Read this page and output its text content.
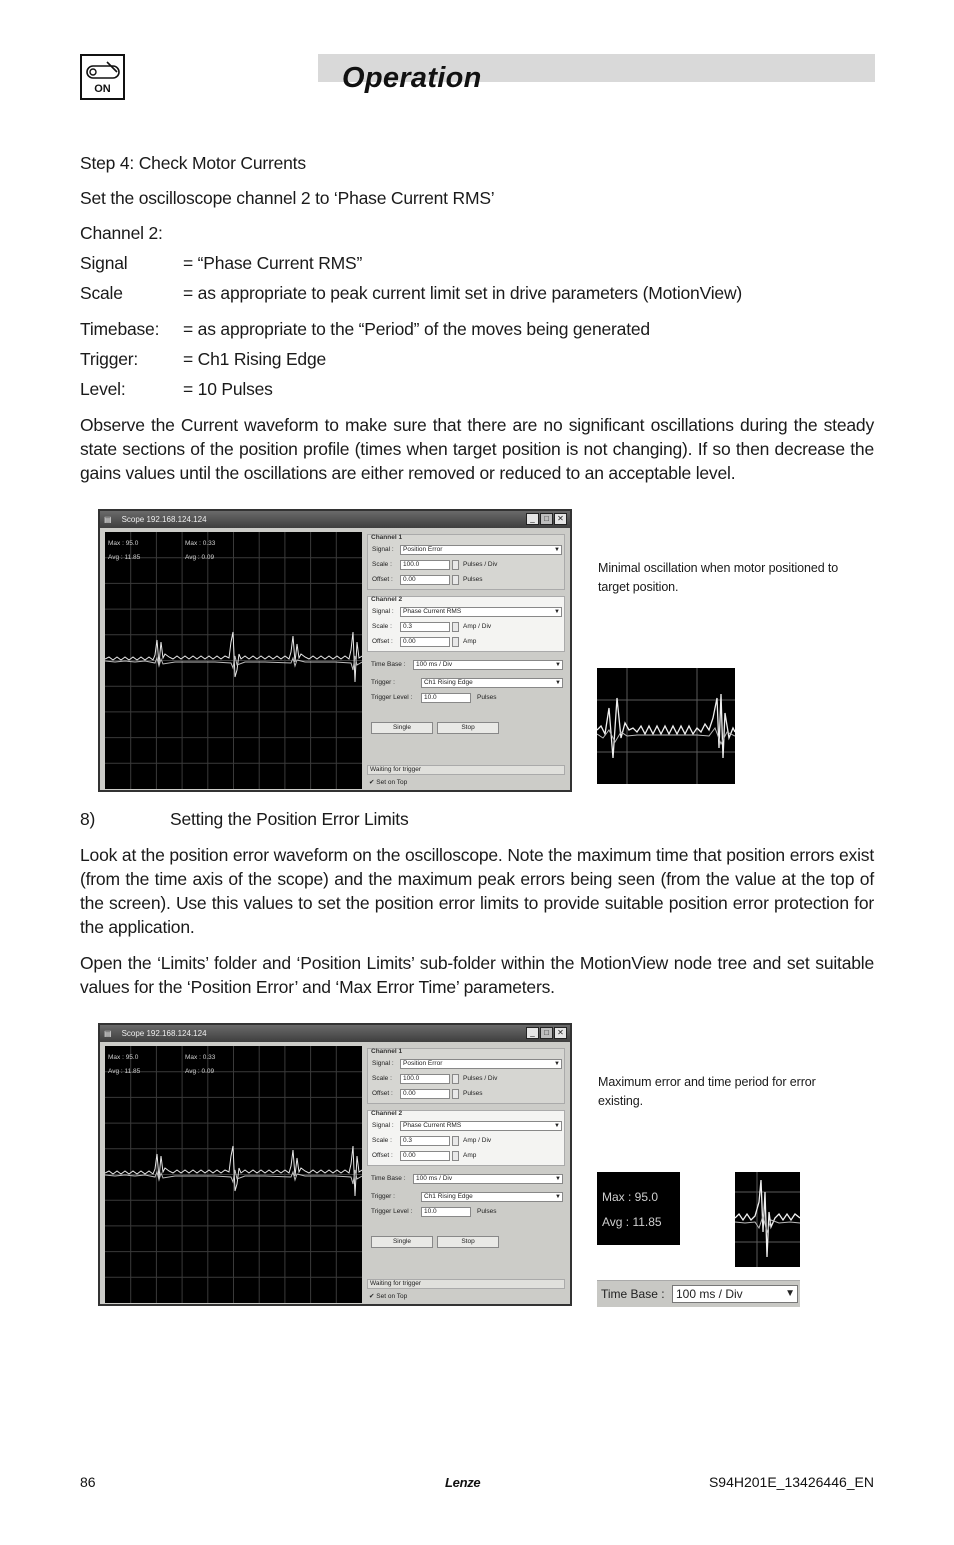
ON	Operation
Step 4: Check Motor Currents
Set the oscilloscope channel 2 to ‘Phase Current RMS’
Channel 2:
Signal	= “Phase Current RMS”
Scale	= as appropriate to peak current limit set in drive parameters (MotionView)
Timebase: = as appropriate to the “Period” of the moves being generated
Trigger:	= Ch1 Rising Edge
Level:	= 10 Pulses
Observe the Current waveform to make sure that there are no significant oscillations during the steady state sections of the position profile (times when target position is not changing). If so then decrease the gains values until the oscillations are either removed or reduced to an acceptable level.
▤ Scope 192.168.124.124	_	□	✕
Max : 95.0
Avg : 11.85
Max : 0.33
Avg : 0.09
Channel 1
Signal :	Position Error	▼
Scale :	100.0	Pulses / Div
Offset :	0.00	Pulses
Channel 2
Signal :	Phase Current RMS	▼
Scale :	0.3	Amp / Div
Offset :	0.00	Amp
Time Base :	100 ms / Div	▼
Trigger :	Ch1 Rising Edge	▼
Trigger Level :	10.0	Pulses
Single	Stop
Waiting for trigger
✔ Set on Top
Minimal oscillation when motor positioned to target position.
8)	Setting the Position Error Limits
Look at the position error waveform on the oscilloscope. Note the maximum time that position errors exist (from the time axis of the scope) and the maximum peak errors being seen (from the value at the top of the screen). Use this values to set the position error limits to provide suitable position error protection for the application.
Open the ‘Limits’ folder and ‘Position Limits’ sub-folder within the MotionView node tree and set suitable values for the ‘Position Error’ and ‘Max Error Time’ parameters.
▤ Scope 192.168.124.124	_	□	✕
Max : 95.0
Avg : 11.85
Max : 0.33
Avg : 0.09
Channel 1
Signal :	Position Error	▼
Scale :	100.0	Pulses / Div
Offset :	0.00	Pulses
Channel 2
Signal :	Phase Current RMS	▼
Scale :	0.3	Amp / Div
Offset :	0.00	Amp
Time Base :	100 ms / Div	▼
Trigger :	Ch1 Rising Edge	▼
Trigger Level :	10.0	Pulses
Single	Stop
Waiting for trigger
✔ Set on Top
Maximum error and time period for error existing.
Max : 95.0
Avg : 11.85
Time Base : 100 ms / Div	▼
86	Lenze	S94H201E_13426446_EN
